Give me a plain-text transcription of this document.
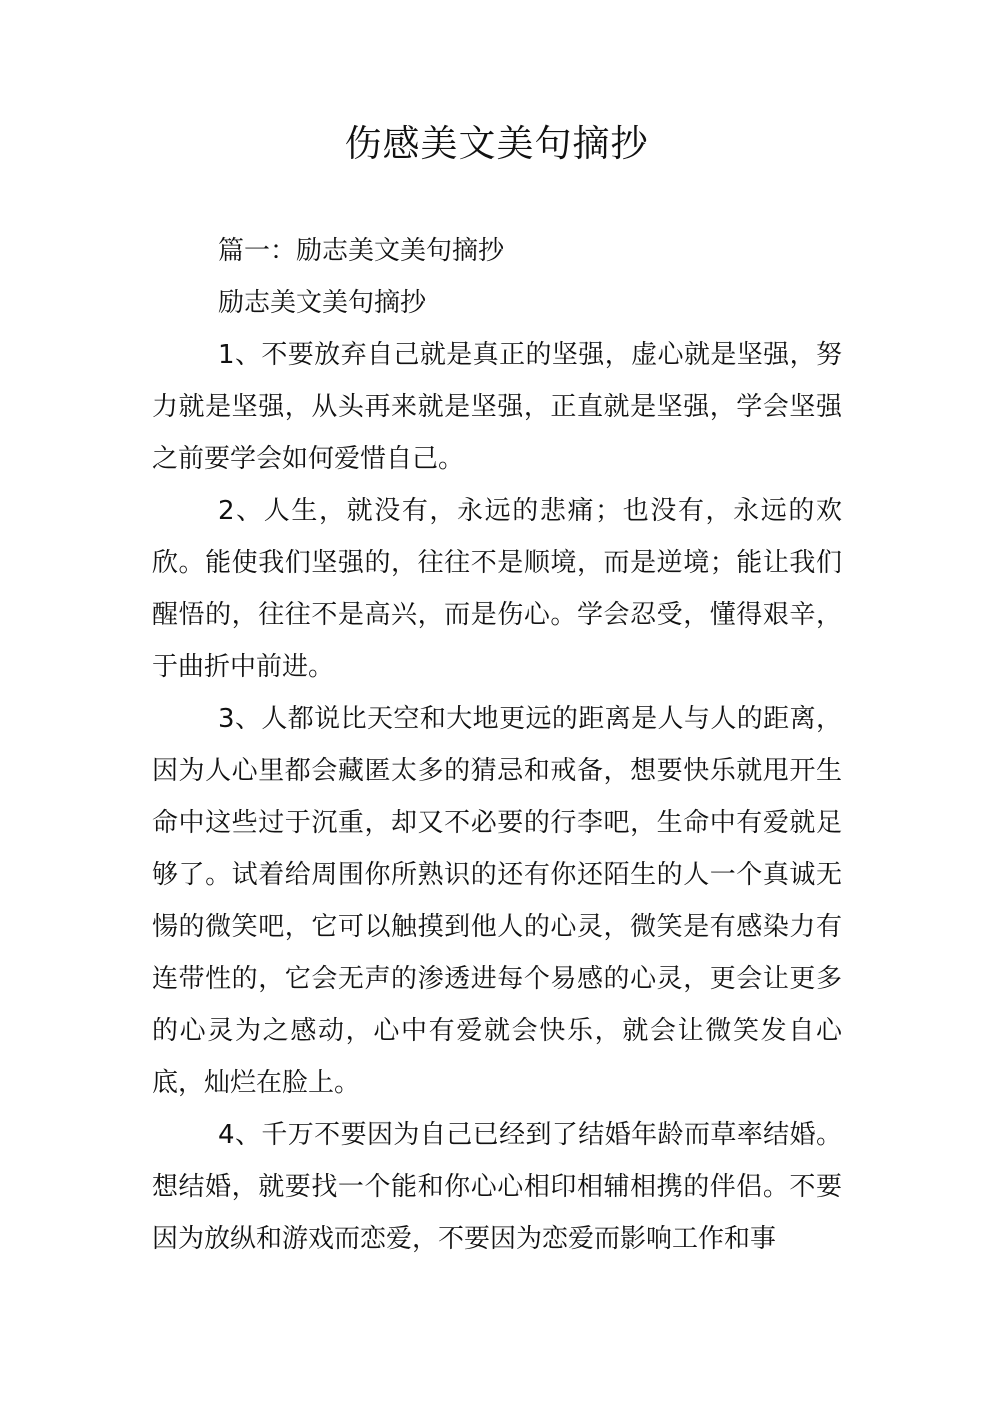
伤感美文美句摘抄

篇一：励志美文美句摘抄

励志美文美句摘抄

1、不要放弃自己就是真正的坚强，虚心就是坚强，努力就是坚强，从头再来就是坚强，正直就是坚强，学会坚强之前要学会如何爱惜自己。

2、人生，就没有，永远的悲痛；也没有，永远的欢欣。能使我们坚强的，往往不是顺境，而是逆境；能让我们醒悟的，往往不是高兴，而是伤心。学会忍受，懂得艰辛，于曲折中前进。

3、人都说比天空和大地更远的距离是人与人的距离，因为人心里都会藏匿太多的猜忌和戒备，想要快乐就甩开生命中这些过于沉重，却又不必要的行李吧，生命中有爱就足够了。试着给周围你所熟识的还有你还陌生的人一个真诚无愓的微笑吧，它可以触摸到他人的心灵，微笑是有感染力有连带性的，它会无声的渗透进每个易感的心灵，更会让更多的心灵为之感动，心中有爱就会快乐，就会让微笑发自心底，灿烂在脸上。

4、千万不要因为自己已经到了结婚年龄而草率结婚。想结婚，就要找一个能和你心心相印相辅相携的伴侣。不要因为放纵和游戏而恋爱，不要因为恋爱而影响工作和事
